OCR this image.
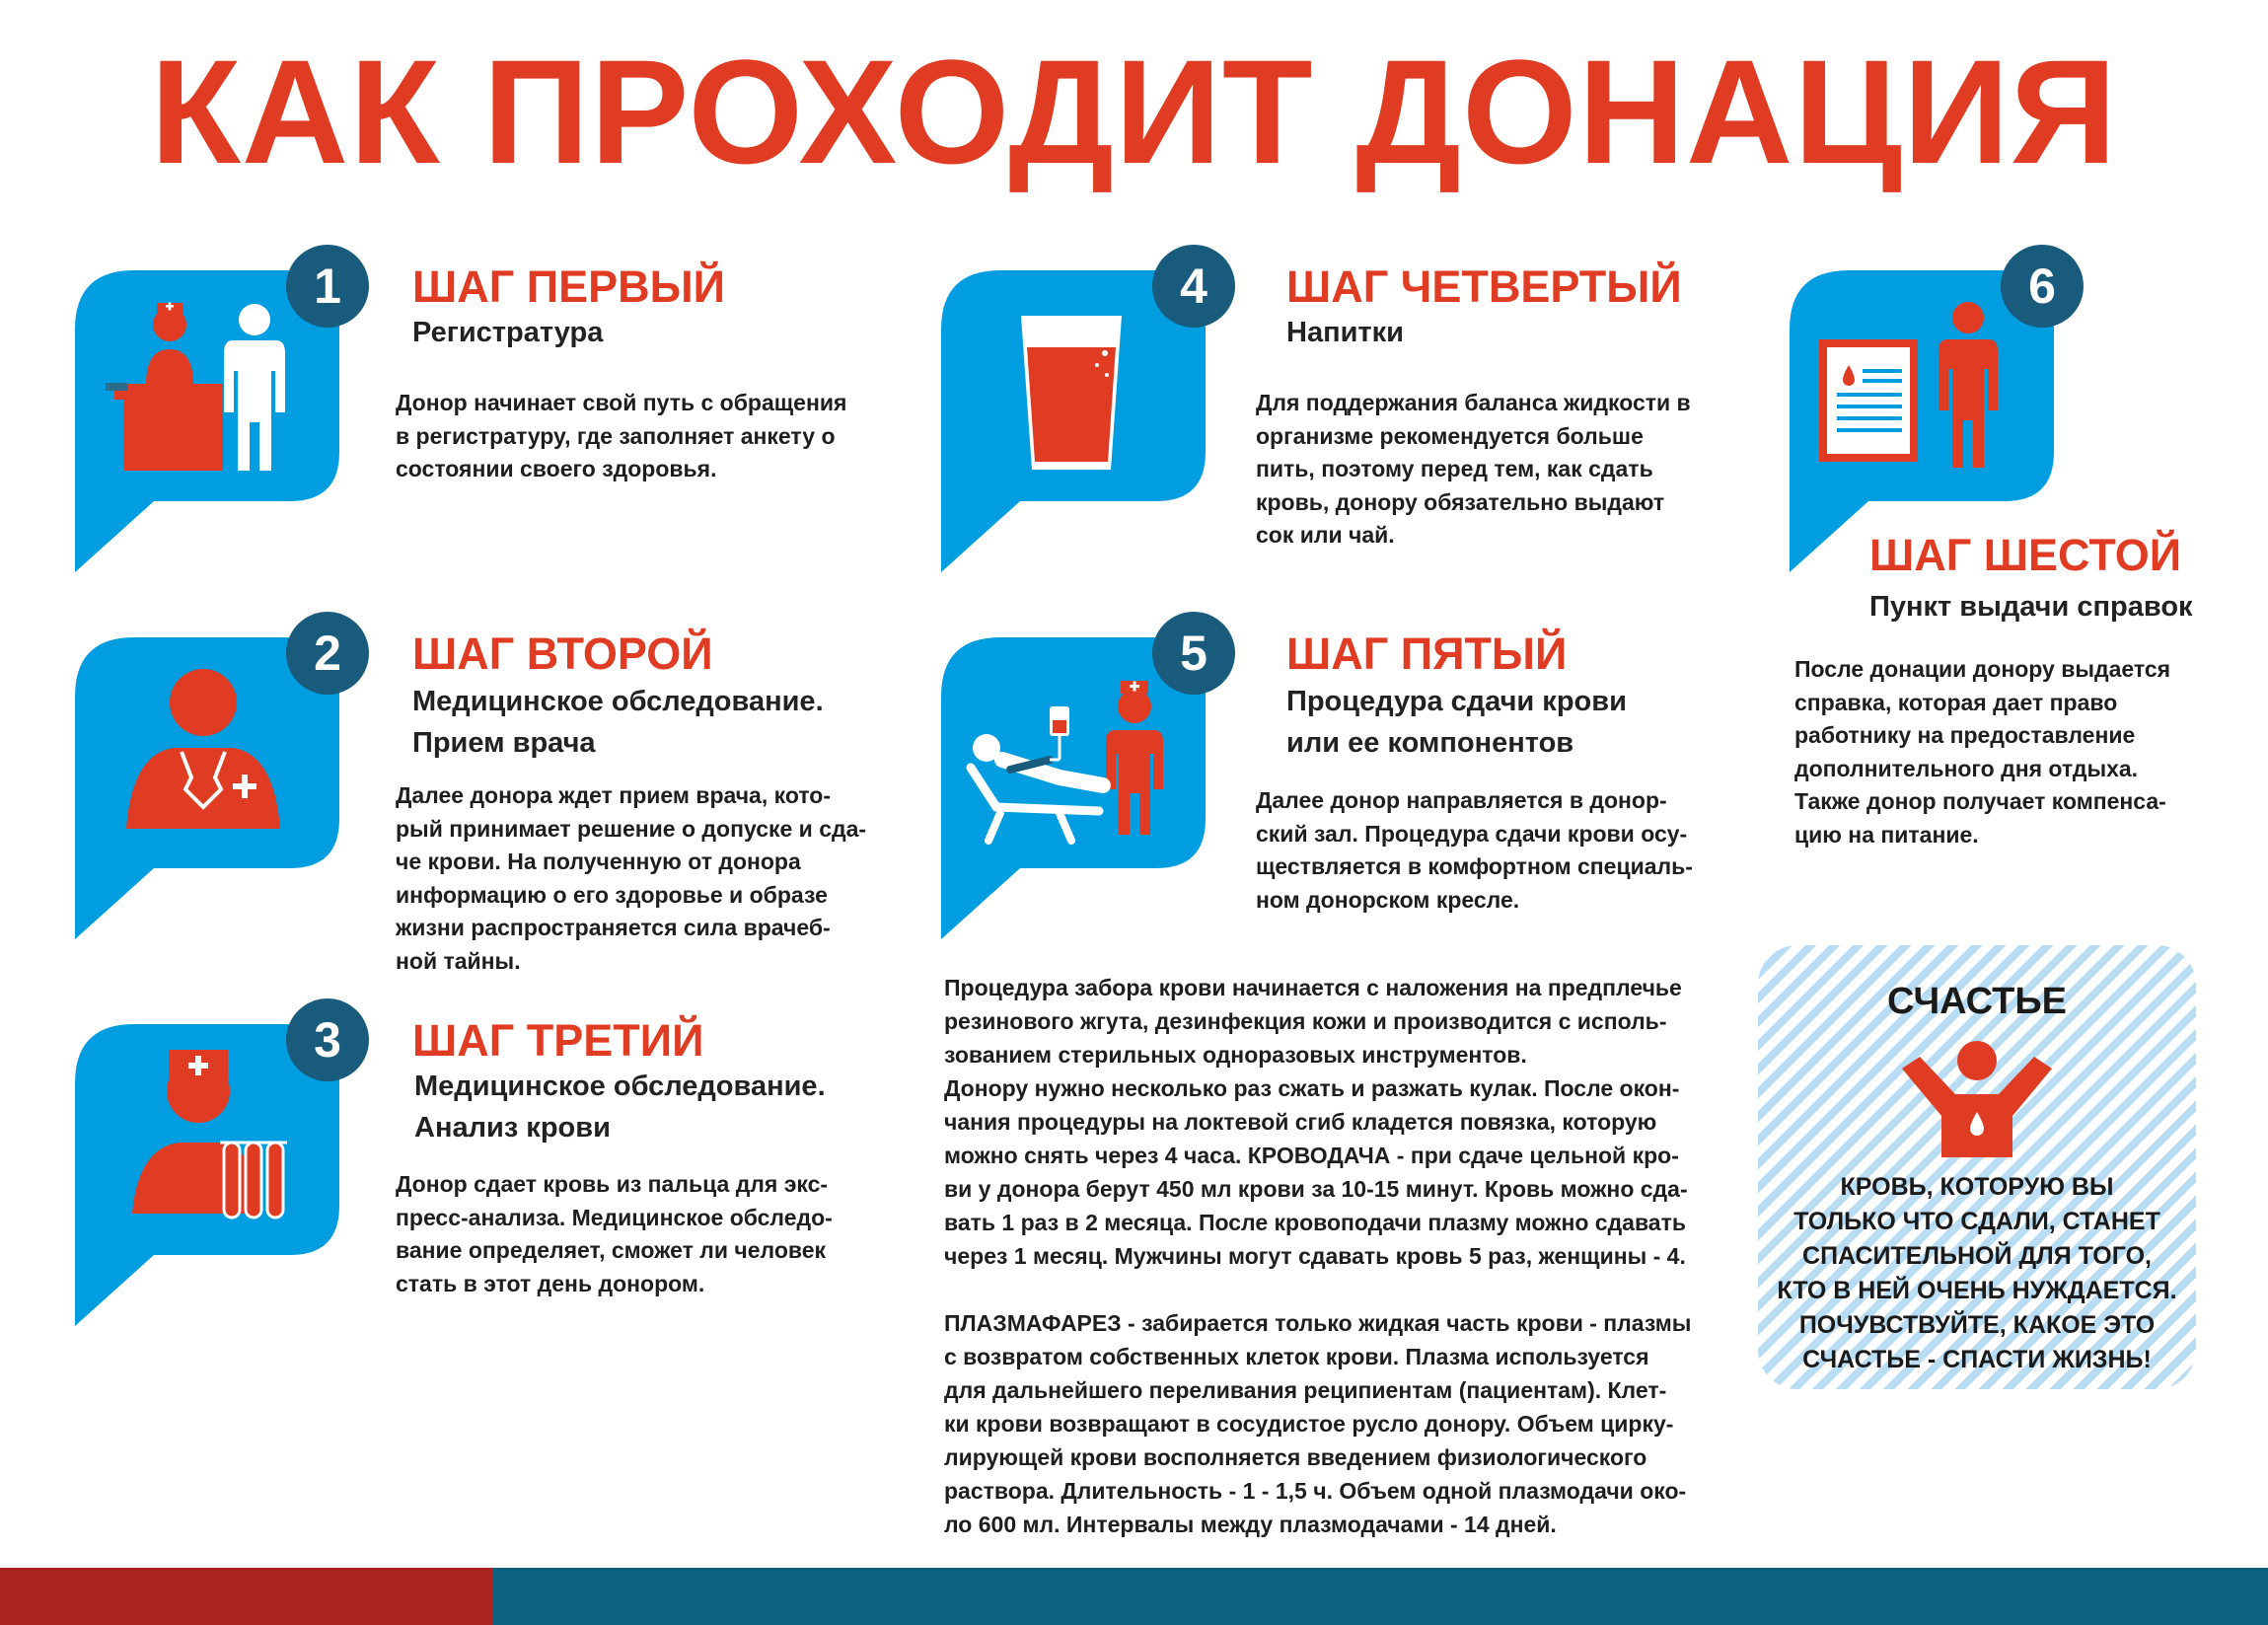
КАК ПРОХОДИТ ДОНАЦИЯ
1 ШАГ ПЕРВЫЙ
Регистратура

Донор начинает свой путь с обращения

в регистратуру, где заполняет анкету о

состоянии своего здоровья.

2 ШАГ ВТОРОЙ
Медицинское обследование.
Прием врача

Далее донора ждет прием врача, кото-

рый принимает решение о допуске и сда-

че крови. На полученную от донора

информацию о его здоровье и образе

жизни распространяется сила врачеб-

ной тайны.

3 ШАГ ТРЕТИЙ
Медицинское обследование.
Анализ крови

Донор сдает кровь из пальца для экс-

пресс-анализа. Медицинское обследо-

вание определяет, сможет ли человек

стать в этот день донором.

4 ШАГ ЧЕТВЕРТЫЙ
Напитки

Для поддержания баланса жидкости в

организме рекомендуется больше

пить, поэтому перед тем, как сдать

кровь, донору обязательно выдают

сок или чай.

5 ШАГ ПЯТЫЙ
Процедура сдачи крови
или ее компонентов

Далее донор направляется в донор-

ский зал. Процедура сдачи крови осу-

ществляется в комфортном специаль-

ном донорском кресле.

6
ШАГ ШЕСТОЙ
Пункт выдачи справок

После донации донору выдается

справка, которая дает право

работнику на предоставление

дополнительного дня отдыха.

Также донор получает компенса-

цию на питание.

Процедура забора крови начинается с наложения на предплечье

резинового жгута, дезинфекция кожи и производится с исполь-

зованием стерильных одноразовых инструментов.

Донору нужно несколько раз сжать и разжать кулак. После окон-

чания процедуры на локтевой сгиб кладется повязка, которую

можно снять через 4 часа. КРОВОДАЧА - при сдаче цельной кро-

ви у донора берут 450 мл крови за 10-15 минут. Кровь можно сда-

вать 1 раз в 2 месяца. После кровоподачи плазму можно сдавать

через 1 месяц. Мужчины могут сдавать кровь 5 раз, женщины - 4.

ПЛАЗМАФАРЕЗ - забирается только жидкая часть крови - плазмы

с возвратом собственных клеток крови. Плазма используется

для дальнейшего переливания реципиентам (пациентам). Клет-

ки крови возвращают в сосудистое русло донору. Объем цирку-

лирующей крови восполняется введением физиологического

раствора. Длительность - 1 - 1,5 ч. Объем одной плазмодачи око-

ло 600 мл. Интервалы между плазмодачами - 14 дней.

СЧАСТЬЕ
КРОВЬ, КОТОРУЮ ВЫ
ТОЛЬКО ЧТО СДАЛИ, СТАНЕТ
СПАСИТЕЛЬНОЙ ДЛЯ ТОГО,
КТО В НЕЙ ОЧЕНЬ НУЖДАЕТСЯ.
ПОЧУВСТВУЙТЕ, КАКОЕ ЭТО
СЧАСТЬЕ - СПАСТИ ЖИЗНЬ!
